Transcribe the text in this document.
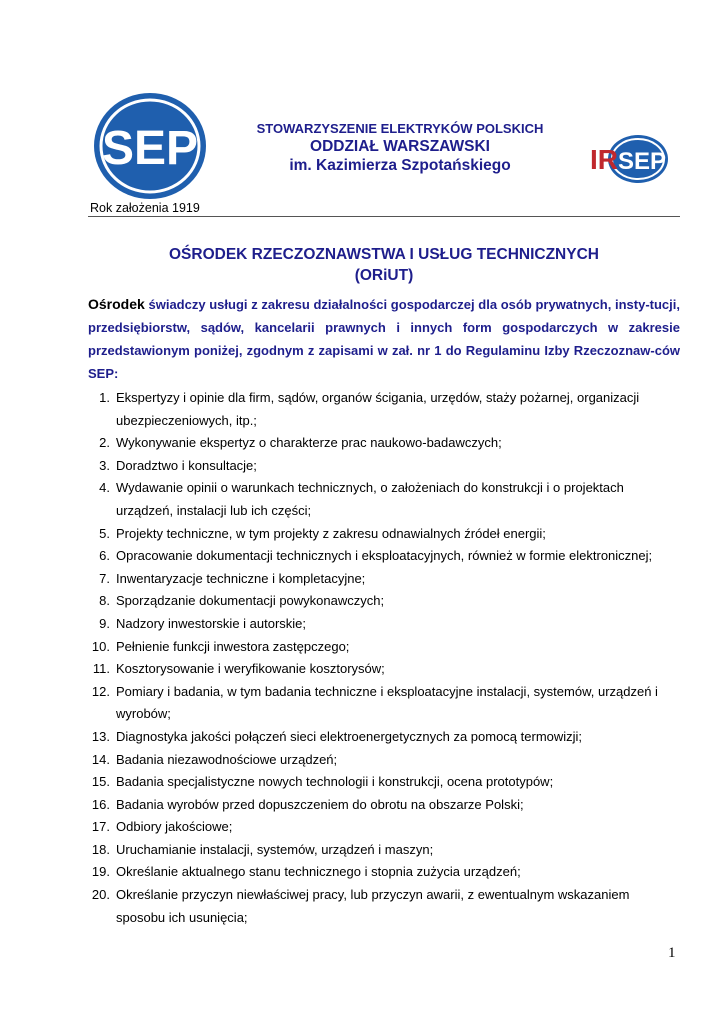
SEP
Rok założenia 1919
STOWARZYSZENIE ELEKTRYKÓW POLSKICH
ODDZIAŁ WARSZAWSKI
im. Kazimierza Szpotańskiego	IRSEP
OŚRODEK RZECZOZNAWSTWA I USŁUG TECHNICZNYCH
(ORiUT)

Ośrodek świadczy usługi z zakresu działalności gospodarczej dla osób prywatnych, insty-tucji, przedsiębiorstw, sądów, kancelarii prawnych i innych form gospodarczych w zakresie przedstawionym poniżej, zgodnym z zapisami w zał. nr 1 do Regulaminu Izby Rzeczoznaw-ców SEP:

1. Ekspertyzy i opinie dla firm, sądów, organów ścigania, urzędów, staży pożarnej, organizacji ubezpieczeniowych, itp.;
2. Wykonywanie ekspertyz o charakterze prac naukowo-badawczych;
3. Doradztwo i konsultacje;
4. Wydawanie opinii o warunkach technicznych, o założeniach do konstrukcji i o projektach urządzeń, instalacji lub ich części;
5. Projekty techniczne, w tym projekty z zakresu odnawialnych źródeł energii;
6. Opracowanie dokumentacji technicznych i eksploatacyjnych, również w formie elektronicznej;
7. Inwentaryzacje techniczne i kompletacyjne;
8. Sporządzanie dokumentacji powykonawczych;
9. Nadzory inwestorskie i autorskie;
10. Pełnienie funkcji inwestora zastępczego;
11. Kosztorysowanie i weryfikowanie kosztorysów;
12. Pomiary i badania, w tym badania techniczne i eksploatacyjne instalacji, systemów, urządzeń i wyrobów;
13. Diagnostyka jakości połączeń sieci elektroenergetycznych za pomocą termowizji;
14. Badania niezawodnościowe urządzeń;
15. Badania specjalistyczne nowych technologii i konstrukcji, ocena prototypów;
16. Badania wyrobów przed dopuszczeniem do obrotu na obszarze Polski;
17. Odbiory jakościowe;
18. Uruchamianie instalacji, systemów, urządzeń i maszyn;
19. Określanie aktualnego stanu technicznego i stopnia zużycia urządzeń;
20. Określanie przyczyn niewłaściwej pracy, lub przyczyn awarii, z ewentualnym wskazaniem sposobu ich usunięcia;
1
